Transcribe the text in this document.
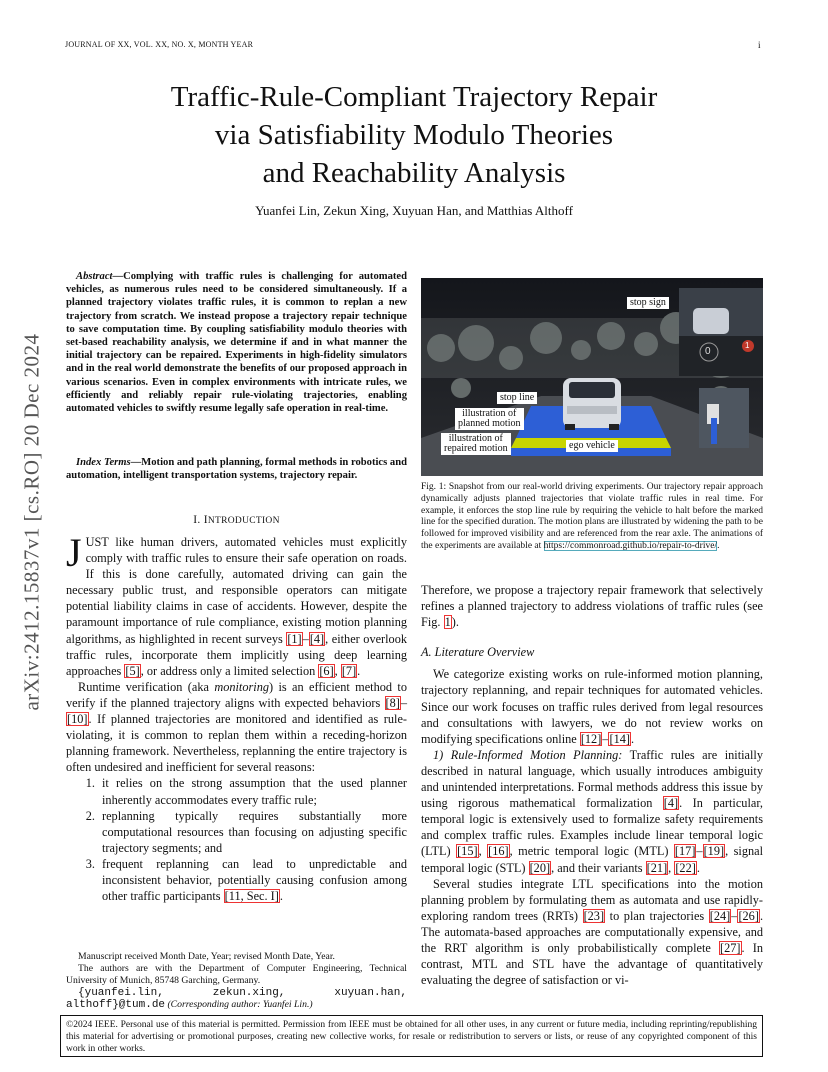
JOURNAL OF XX, VOL. XX, NO. X, MONTH YEAR	i
arXiv:2412.15837v1 [cs.RO] 20 Dec 2024
Traffic-Rule-Compliant Trajectory Repair
via Satisfiability Modulo Theories
and Reachability Analysis
Yuanfei Lin, Zekun Xing, Xuyuan Han, and Matthias Althoff
Abstract—Complying with traffic rules is challenging for automated vehicles, as numerous rules need to be considered simultaneously. If a planned trajectory violates traffic rules, it is common to replan a new trajectory from scratch. We instead propose a trajectory repair technique to save computation time. By coupling satisfiability modulo theories with set-based reachability analysis, we determine if and in what manner the initial trajectory can be repaired. Experiments in high-fidelity simulators and in the real world demonstrate the benefits of our proposed approach in various scenarios. Even in complex environments with intricate rules, we efficiently and reliably repair rule-violating trajectories, enabling automated vehicles to swiftly resume legally safe operation in real-time.
Index Terms—Motion and path planning, formal methods in robotics and automation, intelligent transportation systems, trajectory repair.
I. INTRODUCTION

JUST like human drivers, automated vehicles must explicitly comply with traffic rules to ensure their safe operation on roads. If this is done carefully, automated driving can gain the necessary public trust, and responsible operators can mitigate potential liability claims in case of accidents. However, despite the paramount importance of rule compliance, existing motion planning algorithms, as highlighted in recent surveys [1]–[4], either overlook traffic rules, incorporate them implicitly using deep learning approaches [5], or address only a limited selection [6], [7].

Runtime verification (aka monitoring) is an efficient method to verify if the planned trajectory aligns with expected behaviors [8]–[10]. If planned trajectories are monitored and identified as rule-violating, it is common to replan them within a receding-horizon planning framework. Nevertheless, replanning the entire trajectory is often undesired and inefficient for several reasons:

1. it relies on the strong assumption that the used planner inherently accommodates every traffic rule;
2. replanning typically requires substantially more computational resources than focusing on adjusting specific trajectory segments; and
3. frequent replanning can lead to unpredictable and inconsistent behavior, potentially causing confusion among other traffic participants [11, Sec. I].

Manuscript received Month Date, Year; revised Month Date, Year.

The authors are with the Department of Computer Engineering, Technical University of Munich, 85748 Garching, Germany.

{yuanfei.lin, zekun.xing, xuyuan.han, althoff}@tum.de (Corresponding author: Yuanfei Lin.)

0
1
stop sign
stop line
illustration of
planned motion
illustration of
repaired motion	ego vehicle
Fig. 1: Snapshot from our real-world driving experiments. Our trajectory repair approach dynamically adjusts planned trajectories that violate traffic rules in real time. For example, it enforces the stop line rule by requiring the vehicle to halt before the marked line for the specified duration. The motion plans are illustrated by widening the path to be followed for improved visibility and are referenced from the rear axle. The animations of the experiments are available at https://commonroad.github.io/repair-to-drive/.

Therefore, we propose a trajectory repair framework that selectively refines a planned trajectory to address violations of traffic rules (see Fig. 1).

A. Literature Overview

We categorize existing works on rule-informed motion planning, trajectory replanning, and repair techniques for automated vehicles. Since our work focuses on traffic rules derived from legal resources and consultations with lawyers, we do not review works on modifying specifications online [12]–[14].

1) Rule-Informed Motion Planning: Traffic rules are initially described in natural language, which usually introduces ambiguity and unintended interpretations. Formal methods address this issue by using rigorous mathematical formalization [4]. In particular, temporal logic is extensively used to formalize safety requirements and complex traffic rules. Examples include linear temporal logic (LTL) [15], [16], metric temporal logic (MTL) [17]–[19], signal temporal logic (STL) [20], and their variants [21], [22].

Several studies integrate LTL specifications into the motion planning problem by formulating them as automata and use rapidly-exploring random trees (RRTs) [23] to plan trajectories [24]–[26]. The automata-based approaches are computationally expensive, and the RRT algorithm is only probabilistically complete [27]. In contrast, MTL and STL have the advantage of quantitatively evaluating the degree of satisfaction or vi-

©2024 IEEE. Personal use of this material is permitted. Permission from IEEE must be obtained for all other uses, in any current or future media, including reprinting/republishing this material for advertising or promotional purposes, creating new collective works, for resale or redistribution to servers or lists, or reuse of any copyrighted component of this work in other works.
